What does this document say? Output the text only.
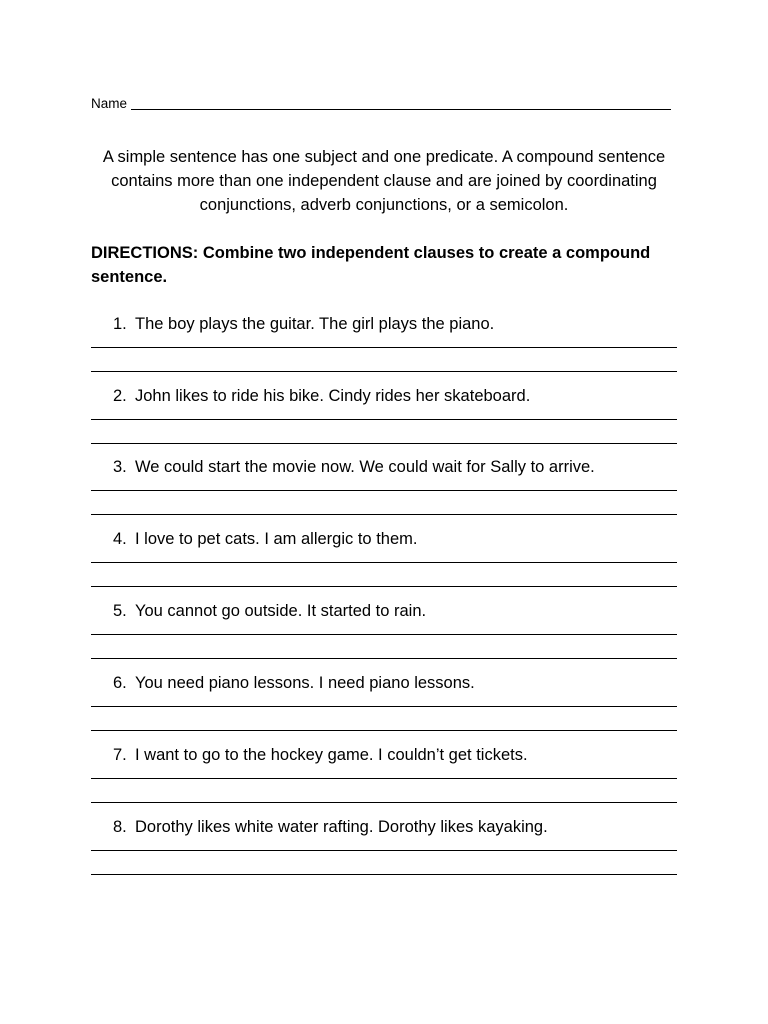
Name
A simple sentence has one subject and one predicate. A compound sentence contains more than one independent clause and are joined by coordinating conjunctions, adverb conjunctions, or a semicolon.
DIRECTIONS: Combine two independent clauses to create a compound sentence.
1. The boy plays the guitar. The girl plays the piano.
2. John likes to ride his bike. Cindy rides her skateboard.
3. We could start the movie now. We could wait for Sally to arrive.
4. I love to pet cats. I am allergic to them.
5. You cannot go outside. It started to rain.
6. You need piano lessons. I need piano lessons.
7. I want to go to the hockey game. I couldn’t get tickets.
8. Dorothy likes white water rafting. Dorothy likes kayaking.
